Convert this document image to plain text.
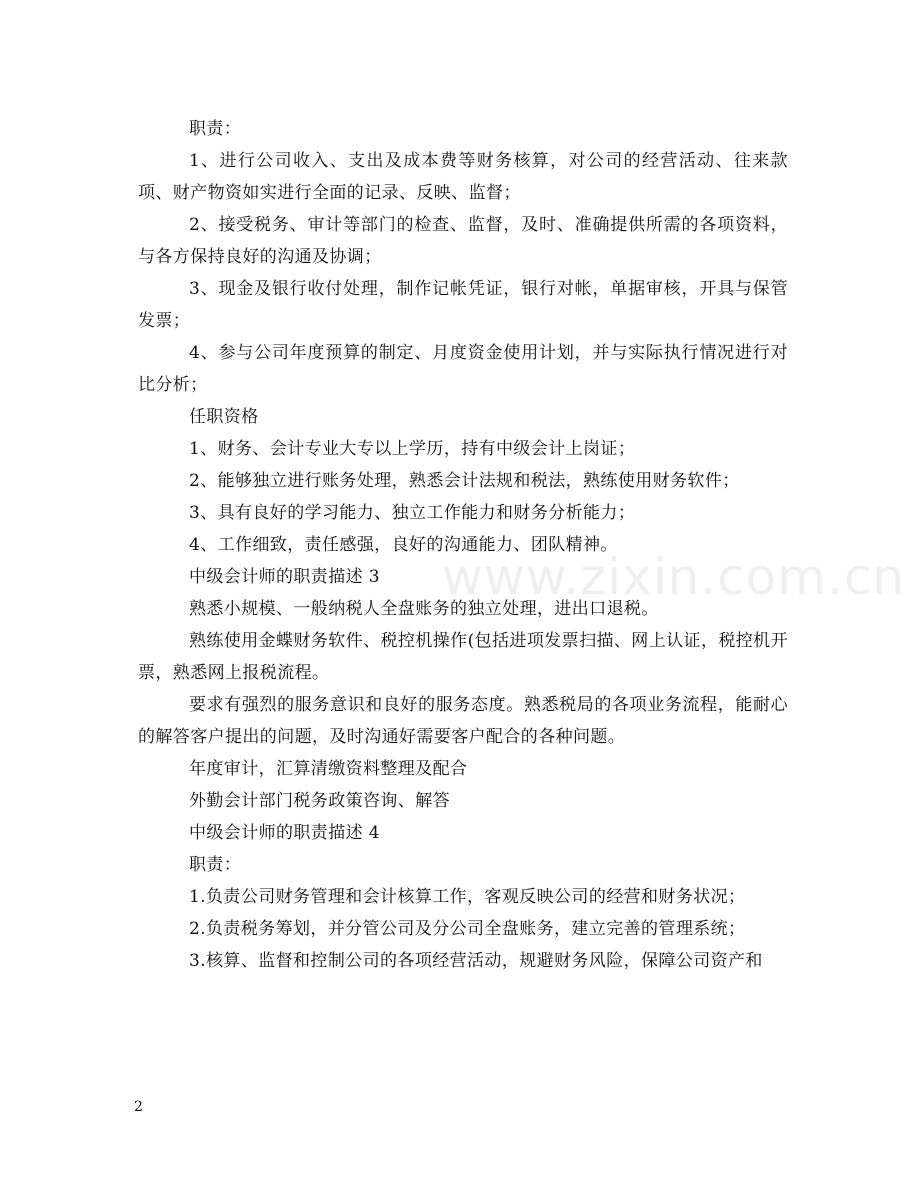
www.zixin.com.cn

职责：

1、进行公司收入、支出及成本费等财务核算，对公司的经营活动、往来款项、财产物资如实进行全面的记录、反映、监督；

2、接受税务、审计等部门的检查、监督，及时、准确提供所需的各项资料，与各方保持良好的沟通及协调；

3、现金及银行收付处理，制作记帐凭证，银行对帐，单据审核，开具与保管发票；

4、参与公司年度预算的制定、月度资金使用计划，并与实际执行情况进行对比分析；

任职资格

1、财务、会计专业大专以上学历，持有中级会计上岗证；

2、能够独立进行账务处理，熟悉会计法规和税法，熟练使用财务软件；

3、具有良好的学习能力、独立工作能力和财务分析能力；

4、工作细致，责任感强，良好的沟通能力、团队精神。

中级会计师的职责描述 3

熟悉小规模、一般纳税人全盘账务的独立处理，进出口退税。

熟练使用金蝶财务软件、税控机操作(包括进项发票扫描、网上认证，税控机开票，熟悉网上报税流程。

要求有强烈的服务意识和良好的服务态度。熟悉税局的各项业务流程，能耐心的解答客户提出的问题，及时沟通好需要客户配合的各种问题。

年度审计，汇算清缴资料整理及配合

外勤会计部门税务政策咨询、解答

中级会计师的职责描述 4

职责：

1.负责公司财务管理和会计核算工作，客观反映公司的经营和财务状况；

2.负责税务筹划，并分管公司及分公司全盘账务，建立完善的管理系统；

3.核算、监督和控制公司的各项经营活动，规避财务风险，保障公司资产和

2
